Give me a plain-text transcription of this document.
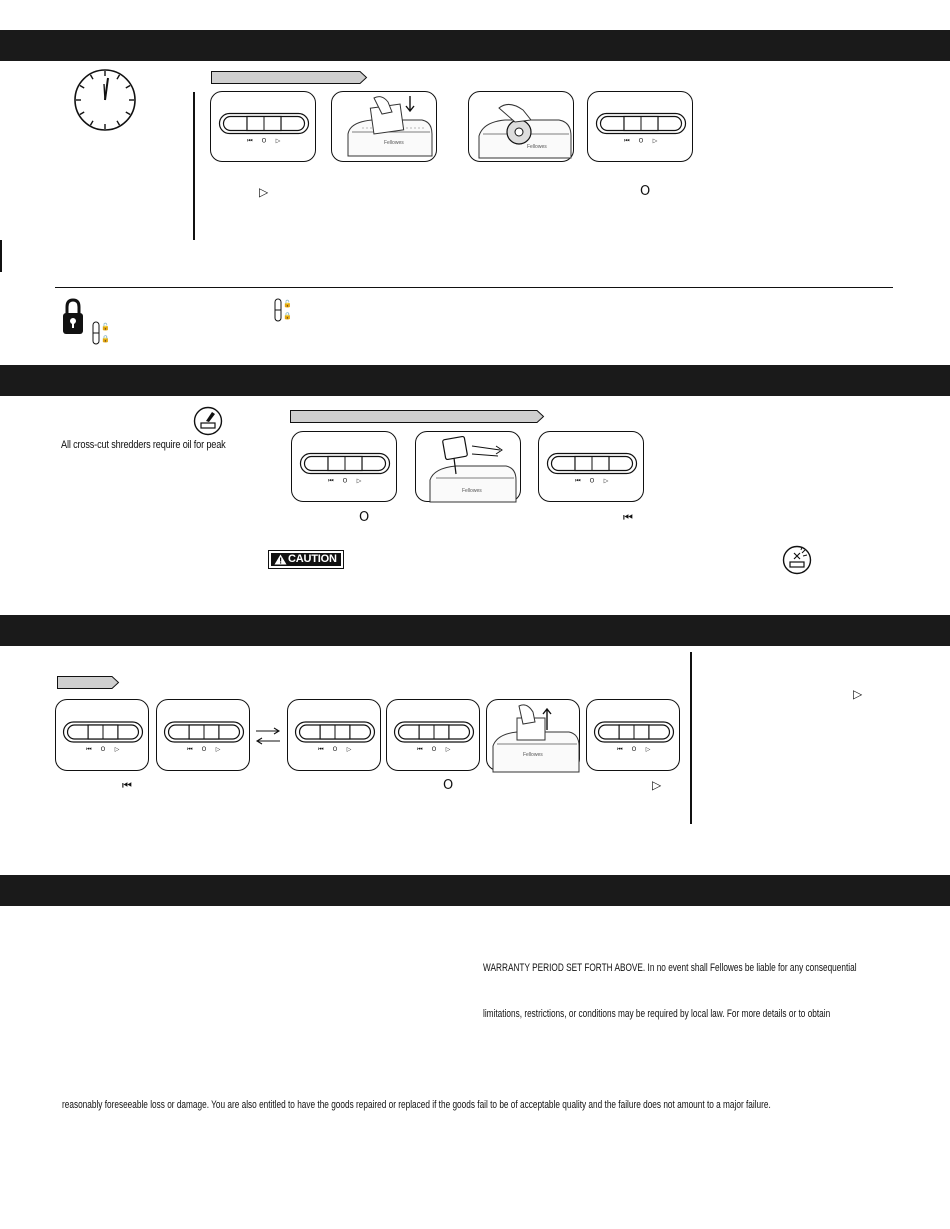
⏮ O ▷	Fellowes
Fellowes
⏮ O ▷
▷	O
🔓
🔒
🔓
🔒
All cross-cut shredders require oil for peak
⏮ O ▷
Fellowes
⏮ O ▷
O	⏮
CAUTION
⏮ O ▷	⏮ O ▷	⏮ O ▷	⏮ O ▷
Fellowes
⏮ O ▷
⏮	O	▷
▷
WARRANTY PERIOD SET FORTH ABOVE. In no event shall Fellowes be liable for any consequential
limitations, restrictions, or conditions may be required by local law. For more details or to obtain
reasonably foreseeable loss or damage. You are also entitled to have the goods repaired or replaced if the goods fail to be of acceptable quality and the failure does not amount to a major failure.
